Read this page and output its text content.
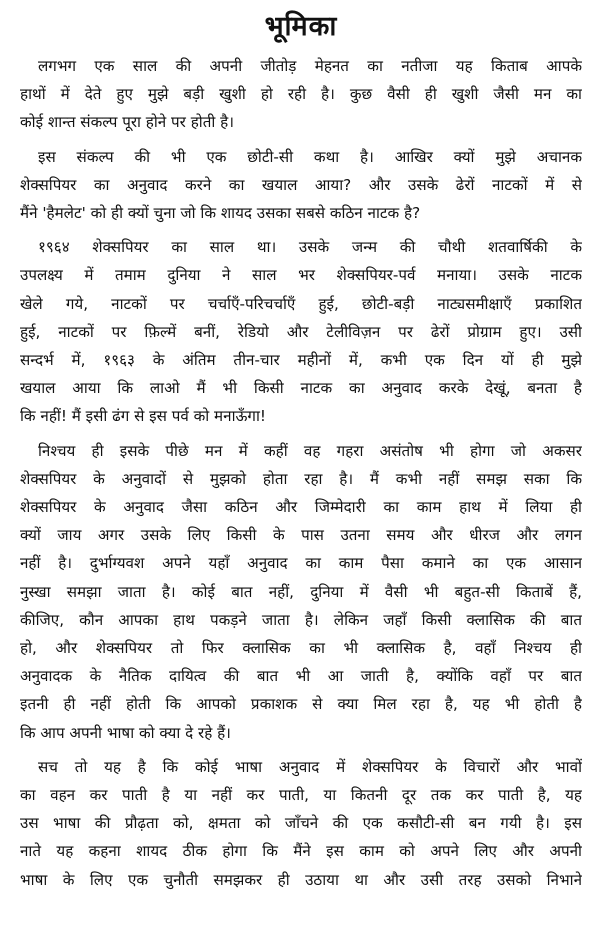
भूमिका
लगभग एक साल की अपनी जीतोड़ मेहनत का नतीजा यह किताब आपके
हाथों में देते हुए मुझे बड़ी खुशी हो रही है। कुछ वैसी ही खुशी जैसी मन का
कोई शान्त संकल्प पूरा होने पर होती है।
इस संकल्प की भी एक छोटी-सी कथा है। आखिर क्यों मुझे अचानक
शेक्सपियर का अनुवाद करने का खयाल आया? और उसके ढेरों नाटकों में से
मैंने 'हैमलेट' को ही क्यों चुना जो कि शायद उसका सबसे कठिन नाटक है?
१९६४ शेक्सपियर का साल था। उसके जन्म की चौथी शतवार्षिकी के
उपलक्ष्य में तमाम दुनिया ने साल भर शेक्सपियर-पर्व मनाया। उसके नाटक
खेले गये, नाटकों पर चर्चाएँ-परिचर्चाएँ हुई, छोटी-बड़ी नाट्यसमीक्षाएँ प्रकाशित
हुई, नाटकों पर फ़िल्में बनीं, रेडियो और टेलीविज़न पर ढेरों प्रोग्राम हुए। उसी
सन्दर्भ में, १९६३ के अंतिम तीन-चार महीनों में, कभी एक दिन यों ही मुझे
खयाल आया कि लाओ मैं भी किसी नाटक का अनुवाद करके देखूं, बनता है
कि नहीं! मैं इसी ढंग से इस पर्व को मनाऊँगा!
निश्चय ही इसके पीछे मन में कहीं वह गहरा असंतोष भी होगा जो अकसर
शेक्सपियर के अनुवादों से मुझको होता रहा है। मैं कभी नहीं समझ सका कि
शेक्सपियर के अनुवाद जैसा कठिन और जिम्मेदारी का काम हाथ में लिया ही
क्यों जाय अगर उसके लिए किसी के पास उतना समय और धीरज और लगन
नहीं है। दुर्भाग्यवश अपने यहाँ अनुवाद का काम पैसा कमाने का एक आसान
नुस्खा समझा जाता है। कोई बात नहीं, दुनिया में वैसी भी बहुत-सी किताबें हैं,
कीजिए, कौन आपका हाथ पकड़ने जाता है। लेकिन जहाँ किसी क्लासिक की बात
हो, और शेक्सपियर तो फिर क्लासिक का भी क्लासिक है, वहाँ निश्चय ही
अनुवादक के नैतिक दायित्व की बात भी आ जाती है, क्योंकि वहाँ पर बात
इतनी ही नहीं होती कि आपको प्रकाशक से क्या मिल रहा है, यह भी होती है
कि आप अपनी भाषा को क्या दे रहे हैं।
सच तो यह है कि कोई भाषा अनुवाद में शेक्सपियर के विचारों और भावों
का वहन कर पाती है या नहीं कर पाती, या कितनी दूर तक कर पाती है, यह
उस भाषा की प्रौढ़ता को, क्षमता को जाँचने की एक कसौटी-सी बन गयी है। इस
नाते यह कहना शायद ठीक होगा कि मैंने इस काम को अपने लिए और अपनी
भाषा के लिए एक चुनौती समझकर ही उठाया था और उसी तरह उसको निभाने
